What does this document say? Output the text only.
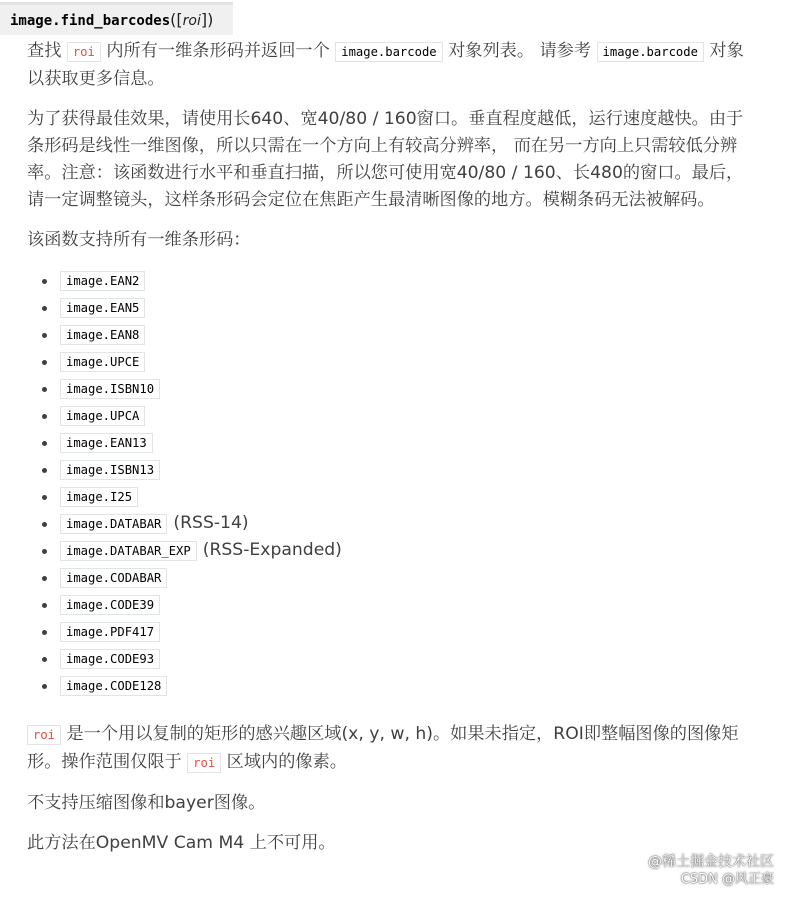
image.find_barcodes([roi])

查找 roi 内所有一维条形码并返回一个 image.barcode 对象列表。 请参考 image.barcode 对象以获取更多信息。

为了获得最佳效果，请使用长640、宽40/80 / 160窗口。垂直程度越低，运行速度越快。由于条形码是线性一维图像，所以只需在一个方向上有较高分辨率， 而在另一方向上只需较低分辨率。注意：该函数进行水平和垂直扫描，所以您可使用宽40/80 / 160、长480的窗口。最后，请一定调整镜头，这样条形码会定位在焦距产生最清晰图像的地方。模糊条码无法被解码。

该函数支持所有一维条形码：

image.EAN2
image.EAN5
image.EAN8
image.UPCE
image.ISBN10
image.UPCA
image.EAN13
image.ISBN13
image.I25
image.DATABAR (RSS-14)
image.DATABAR_EXP (RSS-Expanded)
image.CODABAR
image.CODE39
image.PDF417
image.CODE93
image.CODE128

roi 是一个用以复制的矩形的感兴趣区域(x, y, w, h)。如果未指定，ROI即整幅图像的图像矩形。操作范围仅限于 roi 区域内的像素。

不支持压缩图像和bayer图像。

此方法在OpenMV Cam M4 上不可用。

@稀土掘金技术社区
CSDN @风正豪
